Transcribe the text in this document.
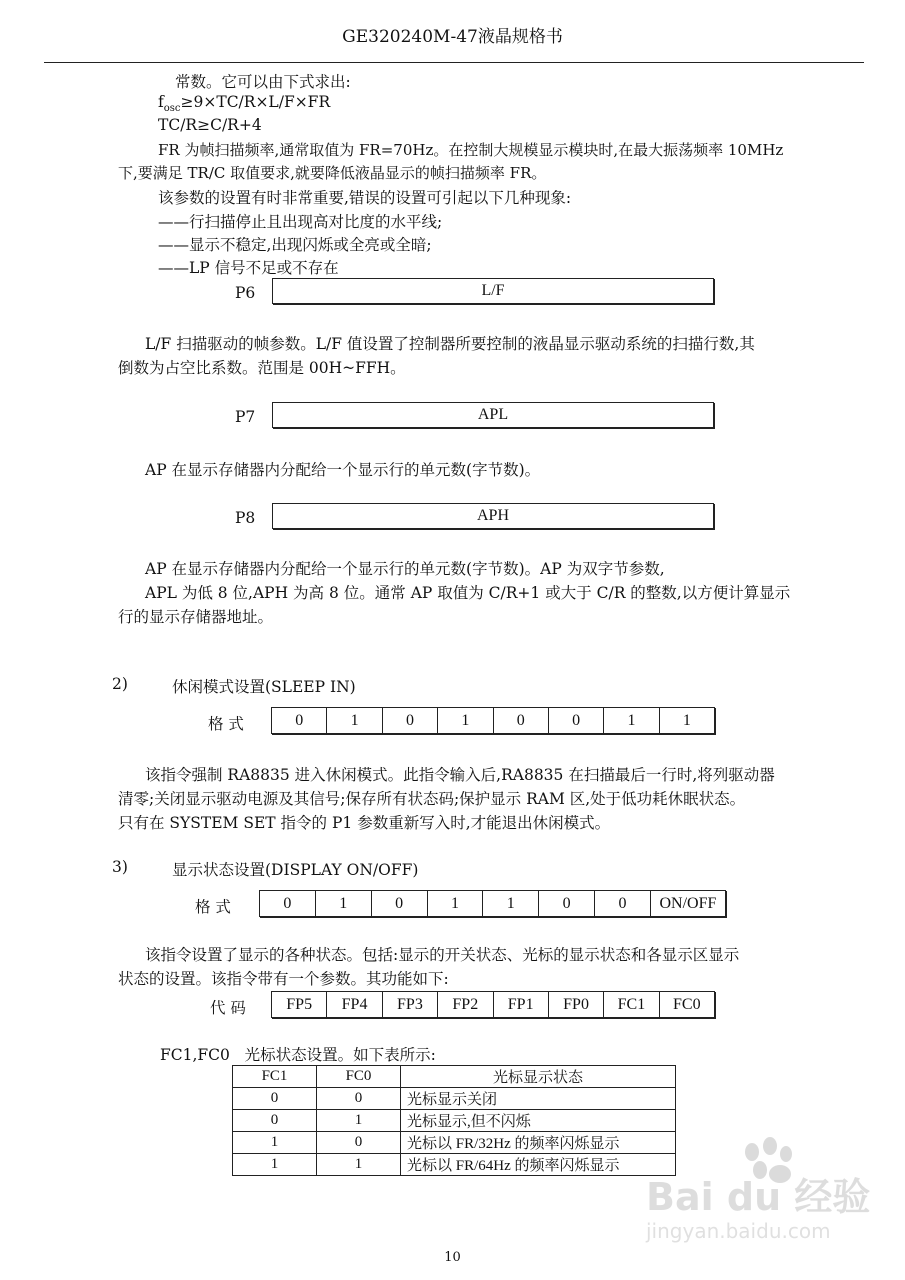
GE320240M-47液晶规格书
常数。它可以由下式求出:
$f_{osc}\ge 9\times TC/R\times L/F\times FR$
TC/R≥C/R+4
FR 为帧扫描频率,通常取值为 FR=70Hz。在控制大规模显示模块时,在最大振荡频率 10MHz
下,要满足 TR/C 取值要求,就要降低液晶显示的帧扫描频率 FR。
该参数的设置有时非常重要,错误的设置可引起以下几种现象:
——行扫描停止且出现高对比度的水平线;
——显示不稳定,出现闪烁或全亮或全暗;
——LP 信号不足或不存在
P6	L/F
L/F 扫描驱动的帧参数。L/F 值设置了控制器所要控制的液晶显示驱动系统的扫描行数,其
倒数为占空比系数。范围是 00H~FFH。
P7	APL
AP 在显示存储器内分配给一个显示行的单元数(字节数)。
P8	APH
AP 在显示存储器内分配给一个显示行的单元数(字节数)。AP 为双字节参数,
APL 为低 8 位,APH 为高 8 位。通常 AP 取值为 C/R+1 或大于 C/R 的整数,以方便计算显示
行的显示存储器地址。
2)	休闲模式设置(SLEEP IN)
格 式	0	1	0	1	0	0	1	1
该指令强制 RA8835 进入休闲模式。此指令输入后,RA8835 在扫描最后一行时,将列驱动器
清零;关闭显示驱动电源及其信号;保存所有状态码;保护显示 RAM 区,处于低功耗休眠状态。
只有在 SYSTEM SET 指令的 P1 参数重新写入时,才能退出休闲模式。
3)	显示状态设置(DISPLAY ON/OFF)
格 式	0	1	0	1	1	0	0	ON/OFF
该指令设置了显示的各种状态。包括:显示的开关状态、光标的显示状态和各显示区显示
状态的设置。该指令带有一个参数。其功能如下:
代 码	FP5	FP4	FP3	FP2	FP1	FP0	FC1	FC0
FC1,FC0   光标状态设置。如下表所示:
FC1	FC0	光标显示状态
0	0	光标显示关闭
0	1	光标显示,但不闪烁
1	0	光标以 FR/32Hz 的频率闪烁显示
1	1	光标以 FR/64Hz 的频率闪烁显示
Bai du 经验
jingyan.baidu.com
10
